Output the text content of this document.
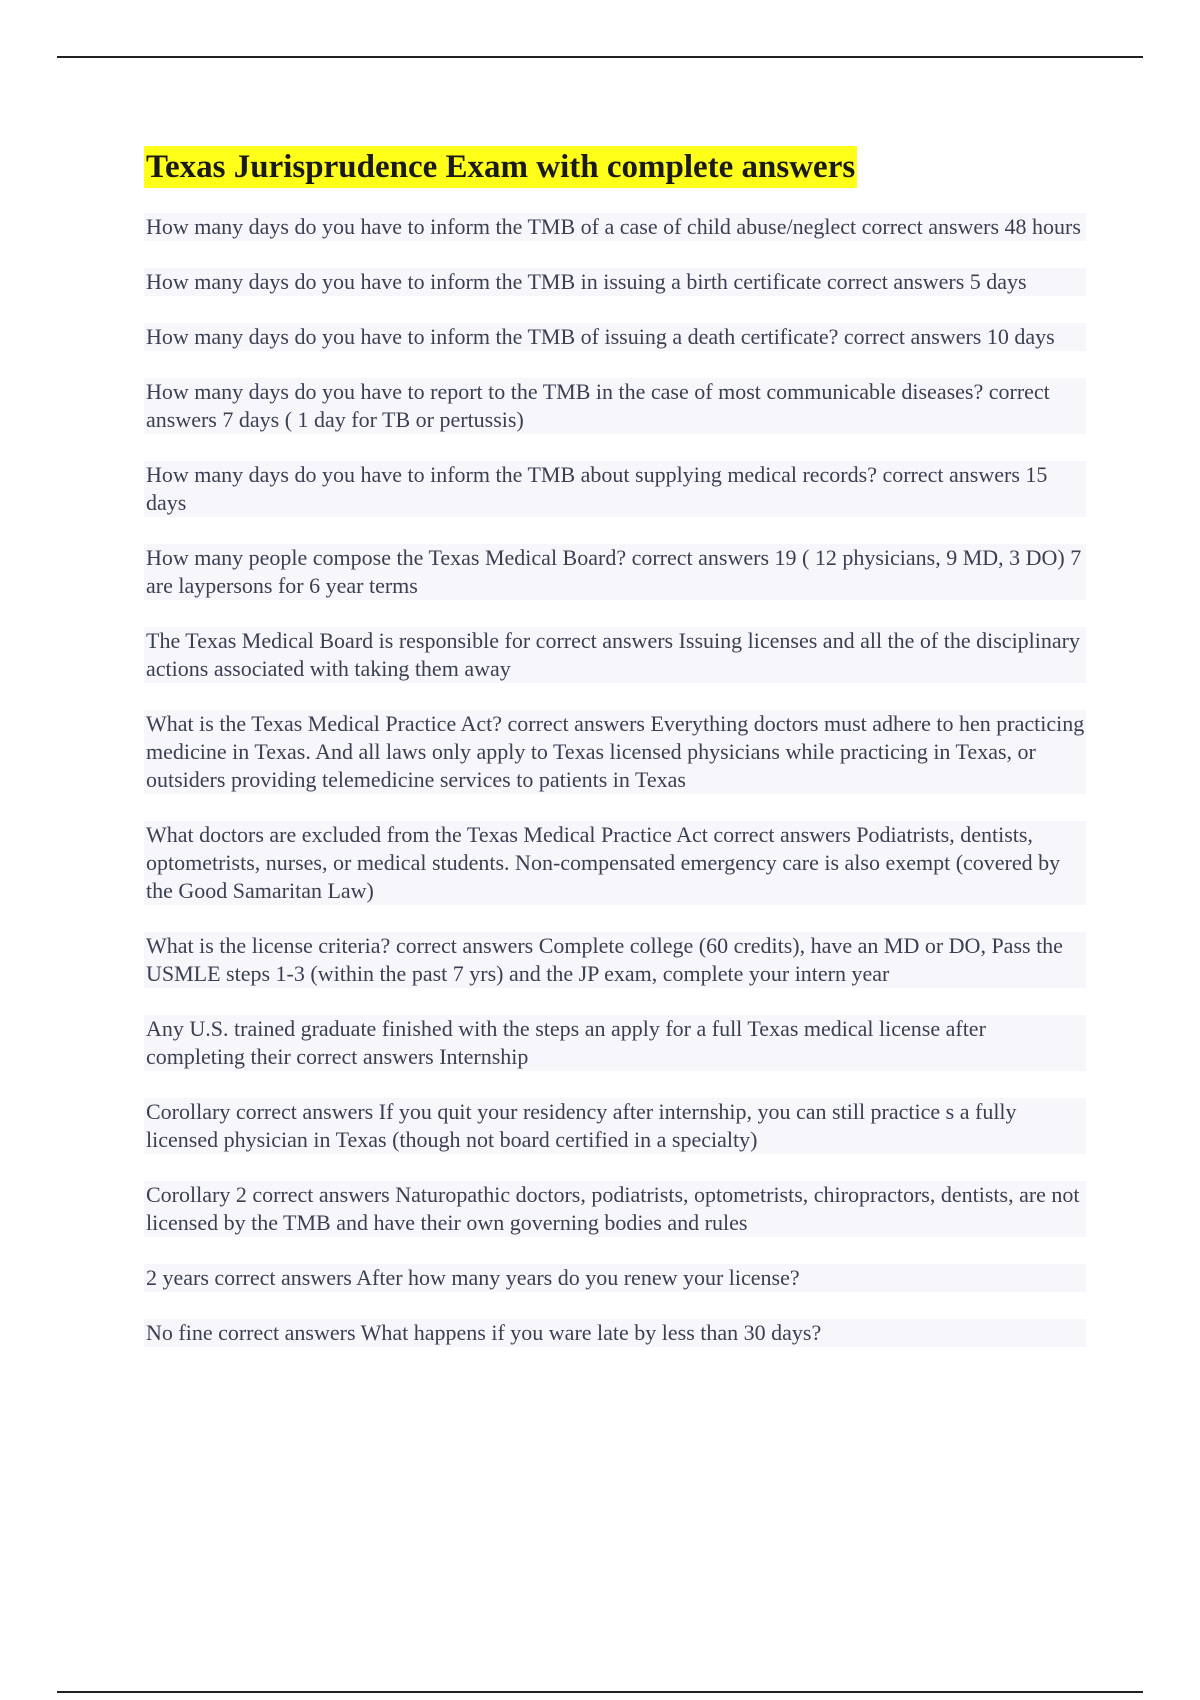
Texas Jurisprudence Exam with complete answers

How many days do you have to inform the TMB of a case of child abuse/neglect correct answers 48 hours

How many days do you have to inform the TMB in issuing a birth certificate correct answers 5 days

How many days do you have to inform the TMB of issuing a death certificate? correct answers 10 days

How many days do you have to report to the TMB in the case of most communicable diseases? correct answers 7 days ( 1 day for TB or pertussis)

How many days do you have to inform the TMB about supplying medical records? correct answers 15 days

How many people compose the Texas Medical Board? correct answers 19 ( 12 physicians, 9 MD, 3 DO) 7 are laypersons for 6 year terms

The Texas Medical Board is responsible for correct answers Issuing licenses and all the of the disciplinary actions associated with taking them away

What is the Texas Medical Practice Act? correct answers Everything doctors must adhere to hen practicing medicine in Texas. And all laws only apply to Texas licensed physicians while practicing in Texas, or outsiders providing telemedicine services to patients in Texas

What doctors are excluded from the Texas Medical Practice Act correct answers Podiatrists, dentists, optometrists, nurses, or medical students. Non-compensated emergency care is also exempt (covered by the Good Samaritan Law)

What is the license criteria? correct answers Complete college (60 credits), have an MD or DO, Pass the USMLE steps 1-3 (within the past 7 yrs) and the JP exam, complete your intern year

Any U.S. trained graduate finished with the steps an apply for a full Texas medical license after completing their correct answers Internship

Corollary correct answers If you quit your residency after internship, you can still practice s a fully licensed physician in Texas (though not board certified in a specialty)

Corollary 2 correct answers Naturopathic doctors, podiatrists, optometrists, chiropractors, dentists, are not licensed by the TMB and have their own governing bodies and rules

2 years correct answers After how many years do you renew your license?

No fine correct answers What happens if you ware late by less than 30 days?
